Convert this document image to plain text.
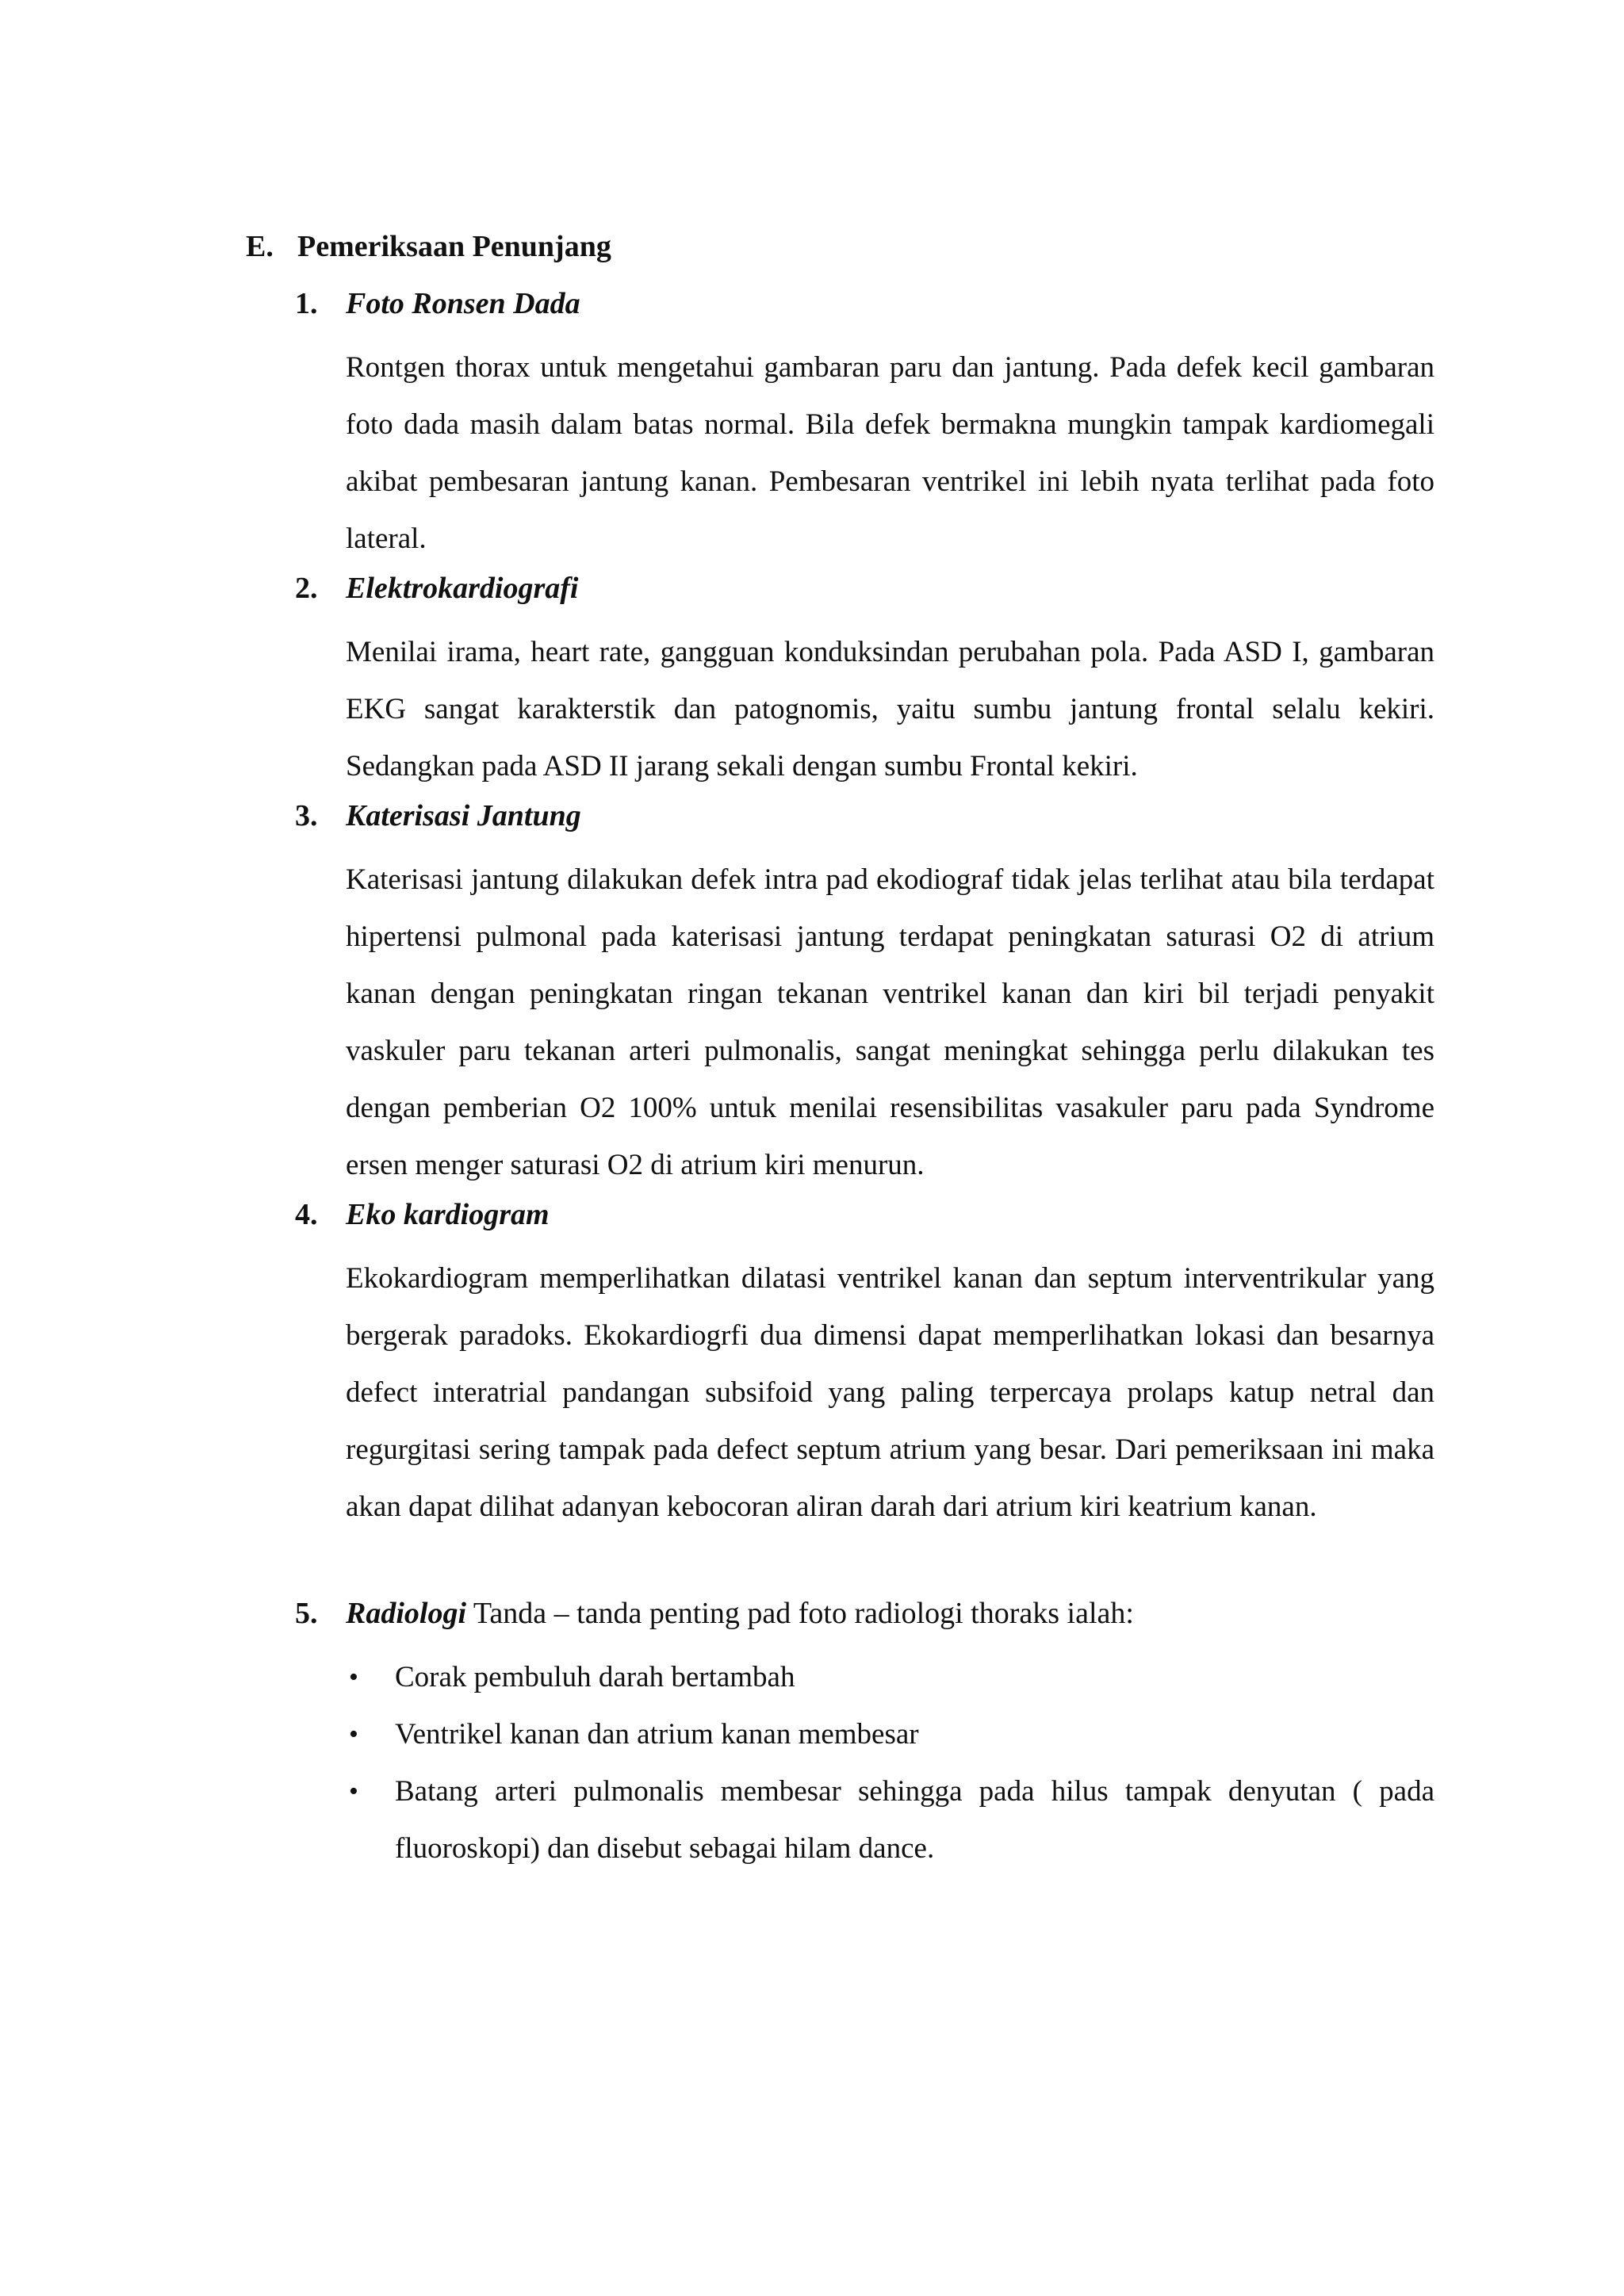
E. Pemeriksaan Penunjang
1. Foto Ronsen Dada
Rontgen thorax untuk mengetahui gambaran paru dan jantung. Pada defek kecil gambaran foto dada masih dalam batas normal. Bila defek bermakna mungkin tampak kardiomegali akibat pembesaran jantung kanan. Pembesaran ventrikel ini lebih nyata terlihat pada foto lateral.
2. Elektrokardiografi
Menilai irama, heart rate, gangguan konduksindan perubahan pola. Pada ASD I, gambaran EKG sangat karakterstik dan patognomis, yaitu sumbu jantung frontal selalu kekiri. Sedangkan pada ASD II jarang sekali dengan sumbu Frontal kekiri.
3. Katerisasi Jantung
Katerisasi jantung dilakukan defek intra pad ekodiograf tidak jelas terlihat atau bila terdapat hipertensi pulmonal pada katerisasi jantung terdapat peningkatan saturasi O2 di atrium kanan dengan peningkatan ringan tekanan ventrikel kanan dan kiri bil terjadi penyakit vaskuler paru tekanan arteri pulmonalis, sangat meningkat sehingga perlu dilakukan tes dengan pemberian O2 100% untuk menilai resensibilitas vasakuler paru pada Syndrome ersen menger saturasi O2 di atrium kiri menurun.
4. Eko kardiogram
Ekokardiogram memperlihatkan dilatasi ventrikel kanan dan septum interventrikular yang bergerak paradoks. Ekokardiogrfi dua dimensi dapat memperlihatkan lokasi dan besarnya defect interatrial pandangan subsifoid yang paling terpercaya prolaps katup netral dan regurgitasi sering tampak pada defect septum atrium yang besar. Dari pemeriksaan ini maka akan dapat dilihat adanyan kebocoran aliran darah dari atrium kiri keatrium kanan.
5. Radiologi Tanda – tanda penting pad foto radiologi thoraks ialah:
• Corak pembuluh darah bertambah
• Ventrikel kanan dan atrium kanan membesar
• Batang arteri pulmonalis membesar sehingga pada hilus tampak denyutan ( pada fluoroskopi) dan disebut sebagai hilam dance.
